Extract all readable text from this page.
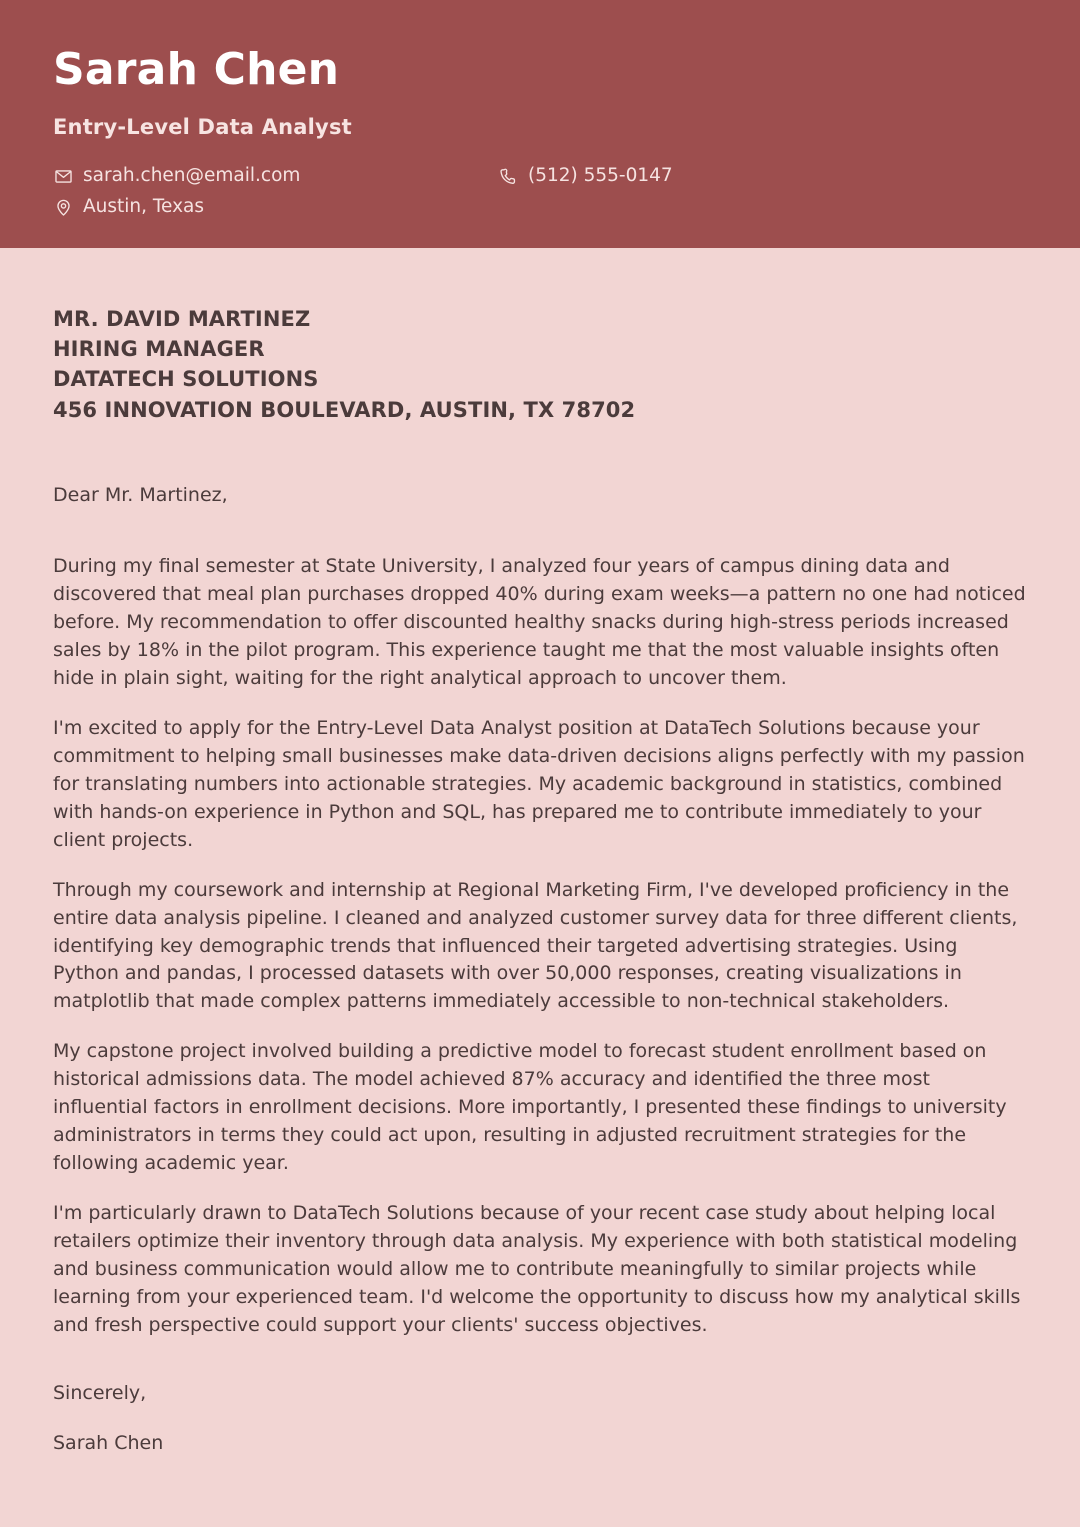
Sarah Chen
Entry-Level Data Analyst
sarah.chen@email.com	(512) 555-0147
Austin, Texas
MR. DAVID MARTINEZ
HIRING MANAGER
DATATECH SOLUTIONS
456 INNOVATION BOULEVARD, AUSTIN, TX 78702
Dear Mr. Martinez,
During my final semester at State University, I analyzed four years of campus dining data and discovered that meal plan purchases dropped 40% during exam weeks—a pattern no one had noticed before. My recommendation to offer discounted healthy snacks during high-stress periods increased sales by 18% in the pilot program. This experience taught me that the most valuable insights often hide in plain sight, waiting for the right analytical approach to uncover them.
I'm excited to apply for the Entry-Level Data Analyst position at DataTech Solutions because your commitment to helping small businesses make data-driven decisions aligns perfectly with my passion for translating numbers into actionable strategies. My academic background in statistics, combined with hands-on experience in Python and SQL, has prepared me to contribute immediately to your client projects.
Through my coursework and internship at Regional Marketing Firm, I've developed proficiency in the entire data analysis pipeline. I cleaned and analyzed customer survey data for three different clients, identifying key demographic trends that influenced their targeted advertising strategies. Using Python and pandas, I processed datasets with over 50,000 responses, creating visualizations in matplotlib that made complex patterns immediately accessible to non-technical stakeholders.
My capstone project involved building a predictive model to forecast student enrollment based on historical admissions data. The model achieved 87% accuracy and identified the three most influential factors in enrollment decisions. More importantly, I presented these findings to university administrators in terms they could act upon, resulting in adjusted recruitment strategies for the following academic year.
I'm particularly drawn to DataTech Solutions because of your recent case study about helping local retailers optimize their inventory through data analysis. My experience with both statistical modeling and business communication would allow me to contribute meaningfully to similar projects while learning from your experienced team. I'd welcome the opportunity to discuss how my analytical skills and fresh perspective could support your clients' success objectives.
Sincerely,
Sarah Chen
